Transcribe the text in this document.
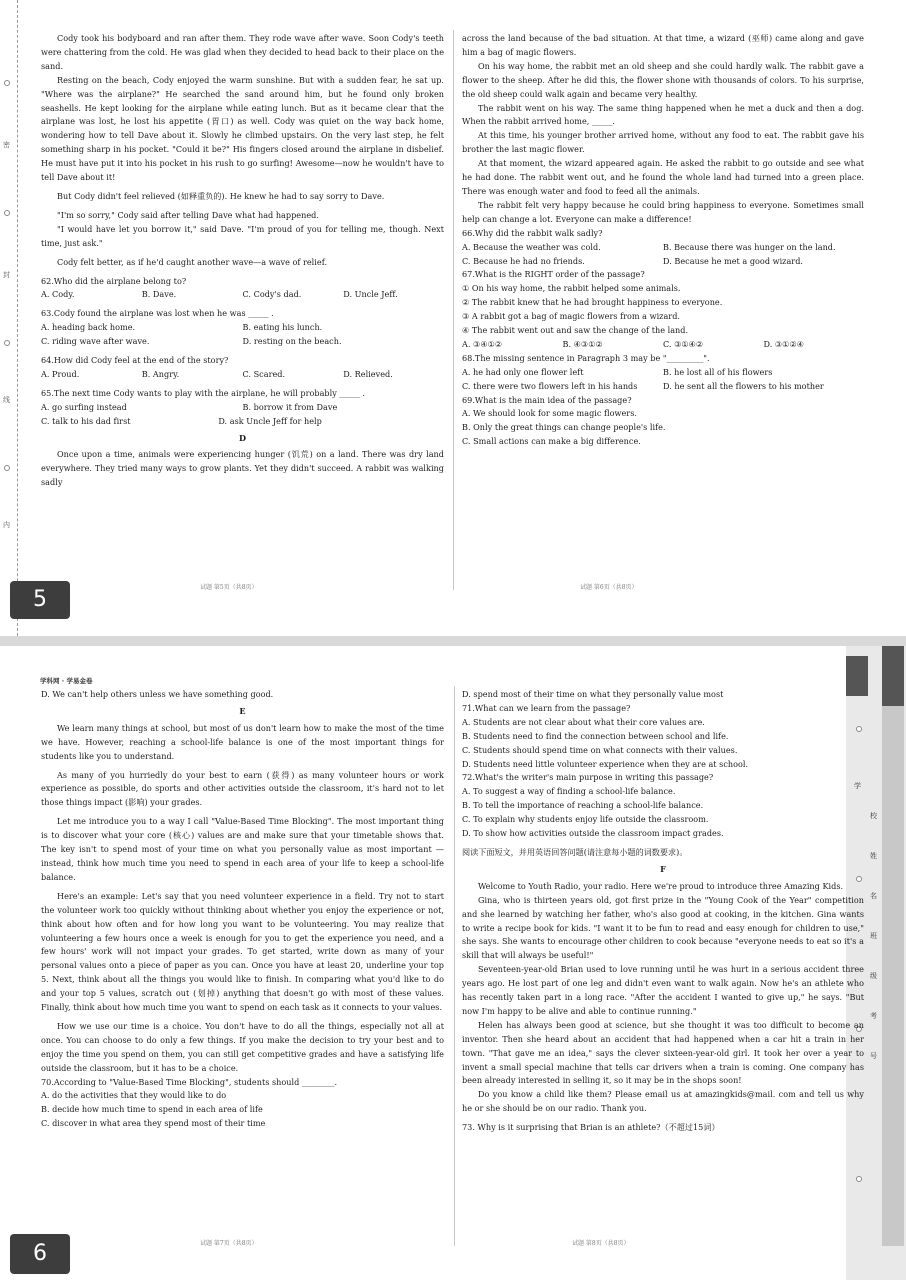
密
封
线
内

Cody took his bodyboard and ran after them. They rode wave after wave. Soon Cody's teeth were chattering from the cold. He was glad when they decided to head back to their place on the sand.

Resting on the beach, Cody enjoyed the warm sunshine. But with a sudden fear, he sat up. "Where was the airplane?" He searched the sand around him, but he found only broken seashells. He kept looking for the airplane while eating lunch. But as it became clear that the airplane was lost, he lost his appetite (胃口) as well. Cody was quiet on the way back home, wondering how to tell Dave about it. Slowly he climbed upstairs. On the very last step, he felt something sharp in his pocket. "Could it be?" His fingers closed around the airplane in disbelief. He must have put it into his pocket in his rush to go surfing! Awesome—now he wouldn't have to tell Dave about it!

But Cody didn't feel relieved (如释重负的). He knew he had to say sorry to Dave.

"I'm so sorry," Cody said after telling Dave what had happened.

"I would have let you borrow it," said Dave. "I'm proud of you for telling me, though. Next time, just ask."

Cody felt better, as if he'd caught another wave—a wave of relief.

62.Who did the airplane belong to?

A. Cody.	B. Dave.	C. Cody's dad.	D. Uncle Jeff.

63.Cody found the airplane was lost when he was _____ .

A. heading back home.	B. eating his lunch.
C. riding wave after wave.	D. resting on the beach.

64.How did Cody feel at the end of the story?

A. Proud.	B. Angry.	C. Scared.	D. Relieved.

65.The next time Cody wants to play with the airplane, he will probably _____ .

A. go surfing instead	B. borrow it from Dave
C. talk to his dad first	D. ask Uncle Jeff for help

D

Once upon a time, animals were experiencing hunger (饥荒) on a land. There was dry land everywhere. They tried many ways to grow plants. Yet they didn't succeed. A rabbit was walking sadly

across the land because of the bad situation. At that time, a wizard (巫师) came along and gave him a bag of magic flowers.

On his way home, the rabbit met an old sheep and she could hardly walk. The rabbit gave a flower to the sheep. After he did this, the flower shone with thousands of colors. To his surprise, the old sheep could walk again and became very healthy.

The rabbit went on his way. The same thing happened when he met a duck and then a dog. When the rabbit arrived home, _____.

At this time, his younger brother arrived home, without any food to eat. The rabbit gave his brother the last magic flower.

At that moment, the wizard appeared again. He asked the rabbit to go outside and see what he had done. The rabbit went out, and he found the whole land had turned into a green place. There was enough water and food to feed all the animals.

The rabbit felt very happy because he could bring happiness to everyone. Sometimes small help can change a lot. Everyone can make a difference!

66.Why did the rabbit walk sadly?

A. Because the weather was cold.	B. Because there was hunger on the land.
C. Because he had no friends.	D. Because he met a good wizard.

67.What is the RIGHT order of the passage?

① On his way home, the rabbit helped some animals.

② The rabbit knew that he had brought happiness to everyone.

③ A rabbit got a bag of magic flowers from a wizard.

④ The rabbit went out and saw the change of the land.

A. ③④①②	B. ④③①②	C. ③①④②	D. ③①②④

68.The missing sentence in Paragraph 3 may be "_________".

A. he had only one flower left	B. he lost all of his flowers
C. there were two flowers left in his hands	D. he sent all the flowers to his mother

69.What is the main idea of the passage?

A. We should look for some magic flowers.

B. Only the great things can change people's life.

C. Small actions can make a big difference.

试题 第5页（共8页）	试题 第6页（共8页）
5
学科网 · 学易金卷
学
校
姓
名
班
级
考
号

D. We can't help others unless we have something good.

E

We learn many things at school, but most of us don't learn how to make the most of the time we have. However, reaching a school-life balance is one of the most important things for students like you to understand.

As many of you hurriedly do your best to earn (获得) as many volunteer hours or work experience as possible, do sports and other activities outside the classroom, it's hard not to let those things impact (影响) your grades.

Let me introduce you to a way I call "Value-Based Time Blocking". The most important thing is to discover what your core (核心) values are and make sure that your timetable shows that. The key isn't to spend most of your time on what you personally value as most important — instead, think how much time you need to spend in each area of your life to keep a school-life balance.

Here's an example: Let's say that you need volunteer experience in a field. Try not to start the volunteer work too quickly without thinking about whether you enjoy the experience or not, think about how often and for how long you want to be volunteering. You may realize that volunteering a few hours once a week is enough for you to get the experience you need, and a few hours' work will not impact your grades. To get started, write down as many of your personal values onto a piece of paper as you can. Once you have at least 20, underline your top 5. Next, think about all the things you would like to finish. In comparing what you'd like to do and your top 5 values, scratch out (划掉) anything that doesn't go with most of these values. Finally, think about how much time you want to spend on each task as it connects to your values.

How we use our time is a choice. You don't have to do all the things, especially not all at once. You can choose to do only a few things. If you make the decision to try your best and to enjoy the time you spend on them, you can still get competitive grades and have a satisfying life outside the classroom, but it has to be a choice.

70.According to "Value-Based Time Blocking", students should ________.

A. do the activities that they would like to do

B. decide how much time to spend in each area of life

C. discover in what area they spend most of their time

D. spend most of their time on what they personally value most

71.What can we learn from the passage?

A. Students are not clear about what their core values are.

B. Students need to find the connection between school and life.

C. Students should spend time on what connects with their values.

D. Students need little volunteer experience when they are at school.

72.What's the writer's main purpose in writing this passage?

A. To suggest a way of finding a school-life balance.

B. To tell the importance of reaching a school-life balance.

C. To explain why students enjoy life outside the classroom.

D. To show how activities outside the classroom impact grades.

阅读下面短文，并用英语回答问题(请注意每小题的词数要求)。

F

Welcome to Youth Radio, your radio. Here we're proud to introduce three Amazing Kids.

Gina, who is thirteen years old, got first prize in the "Young Cook of the Year" competition and she learned by watching her father, who's also good at cooking, in the kitchen. Gina wants to write a recipe book for kids. "I want it to be fun to read and easy enough for children to use," she says. She wants to encourage other children to cook because "everyone needs to eat so it's a skill that will always be useful!"

Seventeen-year-old Brian used to love running until he was hurt in a serious accident three years ago. He lost part of one leg and didn't even want to walk again. Now he's an athlete who has recently taken part in a long race. "After the accident I wanted to give up," he says. "But now I'm happy to be alive and able to continue running."

Helen has always been good at science, but she thought it was too difficult to become an inventor. Then she heard about an accident that had happened when a car hit a train in her town. "That gave me an idea," says the clever sixteen-year-old girl. It took her over a year to invent a small special machine that tells car drivers when a train is coming. One company has been already interested in selling it, so it may be in the shops soon!

Do you know a child like them? Please email us at amazingkids@mail. com and tell us why he or she should be on our radio. Thank you.

73. Why is it surprising that Brian is an athlete?（不超过15词）

试题 第7页（共8页）	试题 第8页（共8页）
6
